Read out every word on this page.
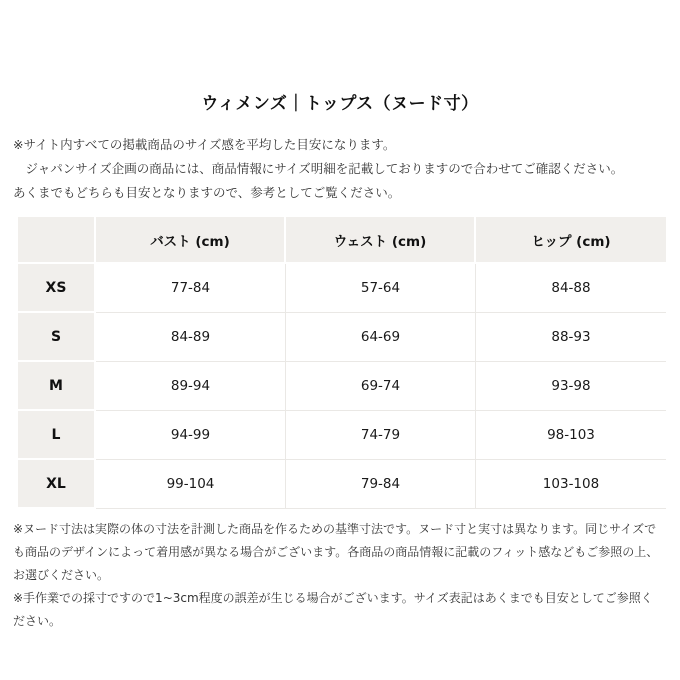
ウィメンズ｜トップス（ヌード寸）

※サイト内すべての掲載商品のサイズ感を平均した目安になります。

　ジャパンサイズ企画の商品には、商品情報にサイズ明細を記載しておりますので合わせてご確認ください。

あくまでもどちらも目安となりますので、参考としてご覧ください。

	バスト (cm)	ウェスト (cm)	ヒップ (cm)
XS	77-84	57-64	84-88
S	84-89	64-69	88-93
M	89-94	69-74	93-98
L	94-99	74-79	98-103
XL	99-104	79-84	103-108

※ヌード寸法は実際の体の寸法を計測した商品を作るための基準寸法です。ヌード寸と実寸は異なります。同じサイズでも商品のデザインによって着用感が異なる場合がございます。各商品の商品情報に記載のフィット感などもご参照の上、お選びください。

※手作業での採寸ですので1~3cm程度の誤差が生じる場合がございます。サイズ表記はあくまでも目安としてご参照ください。
